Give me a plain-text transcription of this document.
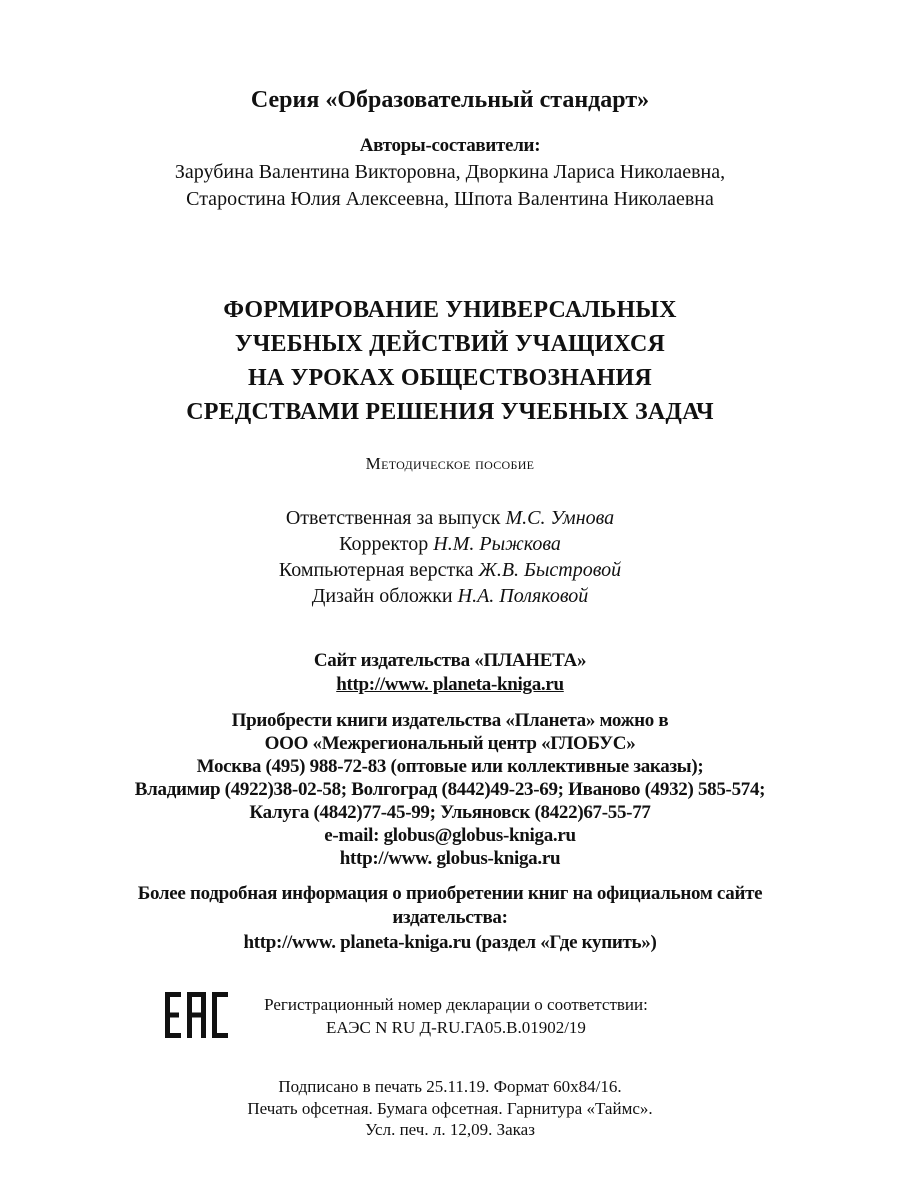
Серия «Образовательный стандарт»
Авторы-составители:
Зарубина Валентина Викторовна, Дворкина Лариса Николаевна,
Старостина Юлия Алексеевна, Шпота Валентина Николаевна
ФОРМИРОВАНИЕ УНИВЕРСАЛЬНЫХ
УЧЕБНЫХ ДЕЙСТВИЙ УЧАЩИХСЯ
НА УРОКАХ ОБЩЕСТВОЗНАНИЯ
СРЕДСТВАМИ РЕШЕНИЯ УЧЕБНЫХ ЗАДАЧ
Методическое пособие
Ответственная за выпуск М.С. Умнова
Корректор Н.М. Рыжкова
Компьютерная верстка Ж.В. Быстровой
Дизайн обложки Н.А. Поляковой
Сайт издательства «ПЛАНЕТА»
http://www. planeta-kniga.ru
Приобрести книги издательства «Планета» можно в
ООО «Межрегиональный центр «ГЛОБУС»
Москва (495) 988-72-83 (оптовые или коллективные заказы);
Владимир (4922)38-02-58; Волгоград (8442)49-23-69; Иваново (4932) 585-574;
Калуга (4842)77-45-99; Ульяновск (8422)67-55-77
e-mail: globus@globus-kniga.ru
http://www. globus-kniga.ru
Более подробная информация о приобретении книг на официальном сайте
издательства:
http://www. planeta-kniga.ru (раздел «Где купить»)
Регистрационный номер декларации о соответствии:
ЕАЭС N RU Д-RU.ГА05.В.01902/19
Подписано в печать 25.11.19. Формат 60x84/16.
Печать офсетная. Бумага офсетная. Гарнитура «Таймс».
Усл. печ. л. 12,09. Заказ
